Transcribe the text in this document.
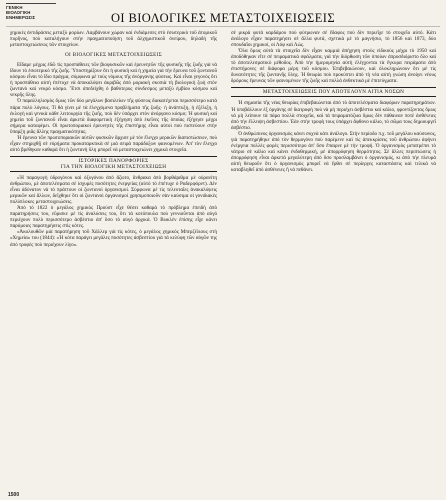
ΓΕΝΙΚΗ
ΒΙΟΛΟΓΙΚΗ
ΕΝΗΜΕΡΩΣΙΣ	ΟΙ ΒΙΟΛΟΓΙΚΕΣ ΜΕΤΑΣΤΟΙΧΕΙΩΣΕΙΣ

χημικὲς ἀντιδράσεις μεταξὺ μορίων. Λαμβάνουν χώραν καὶ ἐνδιάμεσες στὸ ἐσωτερικὸ τοῦ ἀτομικοῦ πυρῆνος, ποὺ καταλήγουν στὴν πραγματοποίηση τοῦ ἀλχημιστικοῦ ὀνείρου, δηλαδὴ τῆς μεταστοιχειώσεως τῶν στοιχείων.

ΟΙ ΒΙΟΛΟΓΙΚΕΣ ΜΕΤΑΣΤΟΙΧΕΙΩΣΕΙΣ

Εἴδαμε μέχρις ἐδῶ τὶς προσπάθειες τῶν βιοφυσικῶν καὶ ἐρευνητῶν τῆς φυσικῆς τῆς ζωῆς γιὰ νὰ ἴδουν τὸ ἐσωτερικὸ τῆς ζωῆς. Ὑποστηρίζουν ὅτι ἡ φυσικὴ καὶ ἡ χημεία γιὰ τὴν ἔρευνα τοῦ ζωντανοῦ κόσμου εἶναι τὸ ἴδιο πράγμα, σύμφωνα μὲ τοὺς νόμους τῆς ἀνόργανης φύσεως. Καὶ εἶναι γεγονὸς ὅτι ἡ προσπάθεια αὐτὴ ἐπέτυχε νὰ ἀποκαλύψει ἀκριβῶς ἀπὸ μοριακὴ σκοπιὰ τὴ βιολογικὴ ζωὴ στὸν ζωντανὸ καὶ νεκρὸ κόσμο. Ἔτσι ἀπεδείχθη ὁ βαθύτερος σύνδεσμος μεταξὺ ἐμβίου κόσμου καὶ νεκρῆς ὕλης.

Ὁ παραλληλισμὸς ὅμως τῶν δύο μεγάλων βασιλείων τῆς φύσεως διακατέχεται περισσότερο κατὰ πάρα πολὺ λόγους. Τί θὰ γίνει μὲ τὰ ἐλεγχόμενα προβλήματα τῆς ζωῆς· ἡ ἀνάπτυξη, ἡ ἐξέλιξη, ἡ ἐκλογὴ καὶ γενικὰ κάθε λειτουργία τῆς ζωῆς, ποὺ δὲν ὑπάρχει στὸν ἀνόργανο κόσμο; Ἡ φυσικὴ καὶ χημεία τοῦ ζωντανοῦ εἶναι ἀρκετὰ διαφορετικὴ ἐξήγηση ἀπὸ ἐκεῖνες τῆς ὁποίας ἐξήγησε μέχρι σήμερα καταφέρει. Οἱ πρωτοποριακοὶ ἐρευνητὲς τῆς ἐπιστήμης εἶναι αὐτοὶ ποὺ πιστεύουν στὴν ὕπαρξη μιᾶς ἄλλης πραγματικότητας.

Ἡ ἔρευνα τῶν πρωτοποριακῶν αὐτῶν φυσικῶν ἄρχισε μὲ τὸν ἔλεγχο μερικῶν διαπιστώσεων, ποὺ εἶχαν στηριχθῇ σὲ εὐρήματα προκαταρκτικὰ σὲ μιὰ σειρὰ παράδοξων φαινομένων. Ἀπ' τὸν ἔλεγχο αὐτὸ βρέθηκαν καθαρὰ ὅτι ἡ ζωντανὴ ὕλη μπορεῖ νὰ μεταστοιχειώνει χημικὰ στοιχεῖα.

ΙΣΤΟΡΙΚΕΣ ΠΑΝΟΡΦΟΡΙΕΣ
ΓΙΑ ΤΗΝ ΒΙΟΛΟΓΙΚΗ ΜΕΤΑΣΤΟΙΧΕΙΩΣΗ

«Ἡ παραγωγὴ ὑδρογόνου καὶ ὀξυγόνου ἀπὸ ἄζωτο, ἄνθρακα ἀπὸ βορθάριθμα μὲ οὐρανίτη ἀνθρώπου, μὲ ἀποτελέσματα σὲ ἰσχυρὲς ποσότητες ἐνεργείας (αὐτὸ τὸ ἐπέτυχε ὁ Ραδερφόρντ). Δὲν εἶναι ἀδύνατον νὰ τὸ πράττουν οἱ ζωντανοὶ ὀργανισμοί. Σύμφωνα μὲ τὶς τελευταῖες ἀνακαλύψεις μερικῶν καὶ ἄλλων, δεῖχθηκε ὅτι οἱ ζωντανοὶ ὀργανισμοὶ χρησιμοποιοῦν σὰν καύσιμα οἱ γονιδιακὲς πολύπλοκες μεταστοιχειώσεις.

Ἀπὸ τὸ 1822 ὁ μεγάλος χημικὸς Προύστ εἶχε θέσει καθαρὰ τὸ πρόβλημα ἐπειδὴ ἀπὸ παρατηρήσεις του, εὕρισκε μὲ τὶς ἀναλύσεις του, ὅτι τὰ κοτόπουλα ποὺ γεννιοῦνται ἀπὸ αὐγό περιέχουν πολὺ περισσότερο ἀσβέστιο ἀπ' ὅσο τὸ αὐγό ἀρχικά. Ὁ Βωκλὲν ἐπίσης εἶχε κάνει παρόμοιες παρατηρήσεις στὶς κότες.

«Ἀκολουθῶν μιὰ παρατήρηση τοῦ Χάλλερ γιὰ τὶς κότες, ὁ μεγάλος χημικὸς Μπερζέλιους στὴ «Χημεία» του (1844): «Ἡ κότα παράγει μεγάλες ποσότητες ἀσβεστίου γιὰ τὰ κελύφη τῶν αὐγῶν της ἀπὸ τροφὲς ποὺ περιέχουν λίγο».

σὲ μικρὰ φυτὰ καρδάμου ποὺ φύτρωναν σὲ ἔδαφος ποὺ δὲν περιεῖχε τὸ στοιχεῖο αὐτό. Κάτι ἀνάλογο εἶχαν παρατηρήσει σὲ ἄλλα φυτά, σχετικὰ μὲ τὸ μαγνήσιο, τὸ 1856 καὶ 1873, δύο σπουδαῖοι χημικοί, οἱ Λόφ καὶ Λὼς.

Ὅλα ὅμως αὐτὰ τὰ στοιχεῖα δὲν εἶχαν καμμιὰ ἀπήχηση στοὺς εἰδικοὺς μέχρι τὸ 1950 καὶ ἀποδόθηκαν εἴτε σὲ πειραματικὰ σφάλματα, γιὰ τὴν διόρθωση τῶν ὁποίων ἀπροσδιόριστο ὅλο καὶ τὸ ἀποτελεσματικὸ μέθοδος. Ἀπὸ τὴν ἡμερομηνία αὐτὴ ἐλέγχονται τὰ ἔγκυρα πειράματα ἀπὸ ἐπιστήμονες σὲ διάφορα μέρη τοῦ κόσμου. Ἐπιβεβαιώνουν, καὶ ὀλοκληρώνουν ὅτι μὲ τὶς δυνατότητες τῆς ζωντανῆς ὕλης. Ἡ θεωρία ποὺ προκύπτει ἀπὸ τὴ νέα αὐτὴ γνώση ἀνοίγει νέους δρόμους ἔρευνας τῶν φαινομένων τῆς ζωῆς καὶ πολλὰ ἀνθεκτικά μὲ ἐπιτεύγματα.

ΜΕΤΑΣΤΟΙΧΕΙΩΣΕΙΣ ΠΟΥ ΑΠΟΤΕΛΟΥΝ ΑΙΤΙΑ ΝΟΣΩΝ

Ἡ σημασία τῆς νέας θεωρίας ἐπιβεβαιώνεται ἀπὸ τὸ ἀποτελέσματα διαφόρων παρατηρημάτων. Ἡ ὑποβάλλουν ἐξ ὀργάνης σὲ διατροφὴ ποὺ νὰ μὴ περιέχει ἀσβέστιο καὶ κάλιο, φροντίζοντας ὅμως νὰ μὴ λείπουν τὰ πάρα πολλὰ στοιχεῖα, καὶ τὰ πειραματόζωα ὅμως δὲν πάθαιναν ποτὲ ἀσθένειες ἀπὸ τὴν ἔλλειψη ἀσβεστίου. Ἐὰν στὴν τροφὴ τους ὑπάρχει ἄφθονο κάλιο, τὸ σῶμα τους δημιουργεῖ ἀσβέστιο.

Ὁ ἀνθρώπινος ὀργανισμὸς κάνει συχνὰ κάτι ἀνάλογο. Στὴν περίοδο π.χ. τοῦ μεγάλου καύσωνος, γιὰ παρατηρήθηκε ἀπὸ τὸν θερμογόνο ποὺ παρέμενε καὶ τὶς ἀπεκκρίσεις τοῦ ἀνθρώπου ἀφήνει ἐνέργεια πολλὲς φορὲς περισσότερο ἀπ' ὅσο ἔπαιρνε μὲ τὴν τροφή. Ὁ ὀργανισμὸς μετατρέπει τὸ νάτριο σὲ κάλιο καὶ κάνει ἐνδοθερμική, μὲ ἀπορρόφηση θερμότητος. Σὲ ἄλλες περιπτώσεις ἡ ἀπορρόφηση εἶναι ἀρκετὰ μεγαλύτερη ἀπὸ ὅσο προσλαμβάνει ὁ ὀργανισμός, κι ἀπὸ τὴν πλευρὰ αὐτὴ θεωροῦν ὅτι ὁ ὀργανισμὸς μπορεῖ νὰ ἔρθει σὲ περίεργες καταστάσεις καὶ τελικὰ νὰ καταβληθεῖ ἀπὸ ἀσθένειες ἢ νὰ πεθάνει.

1500
